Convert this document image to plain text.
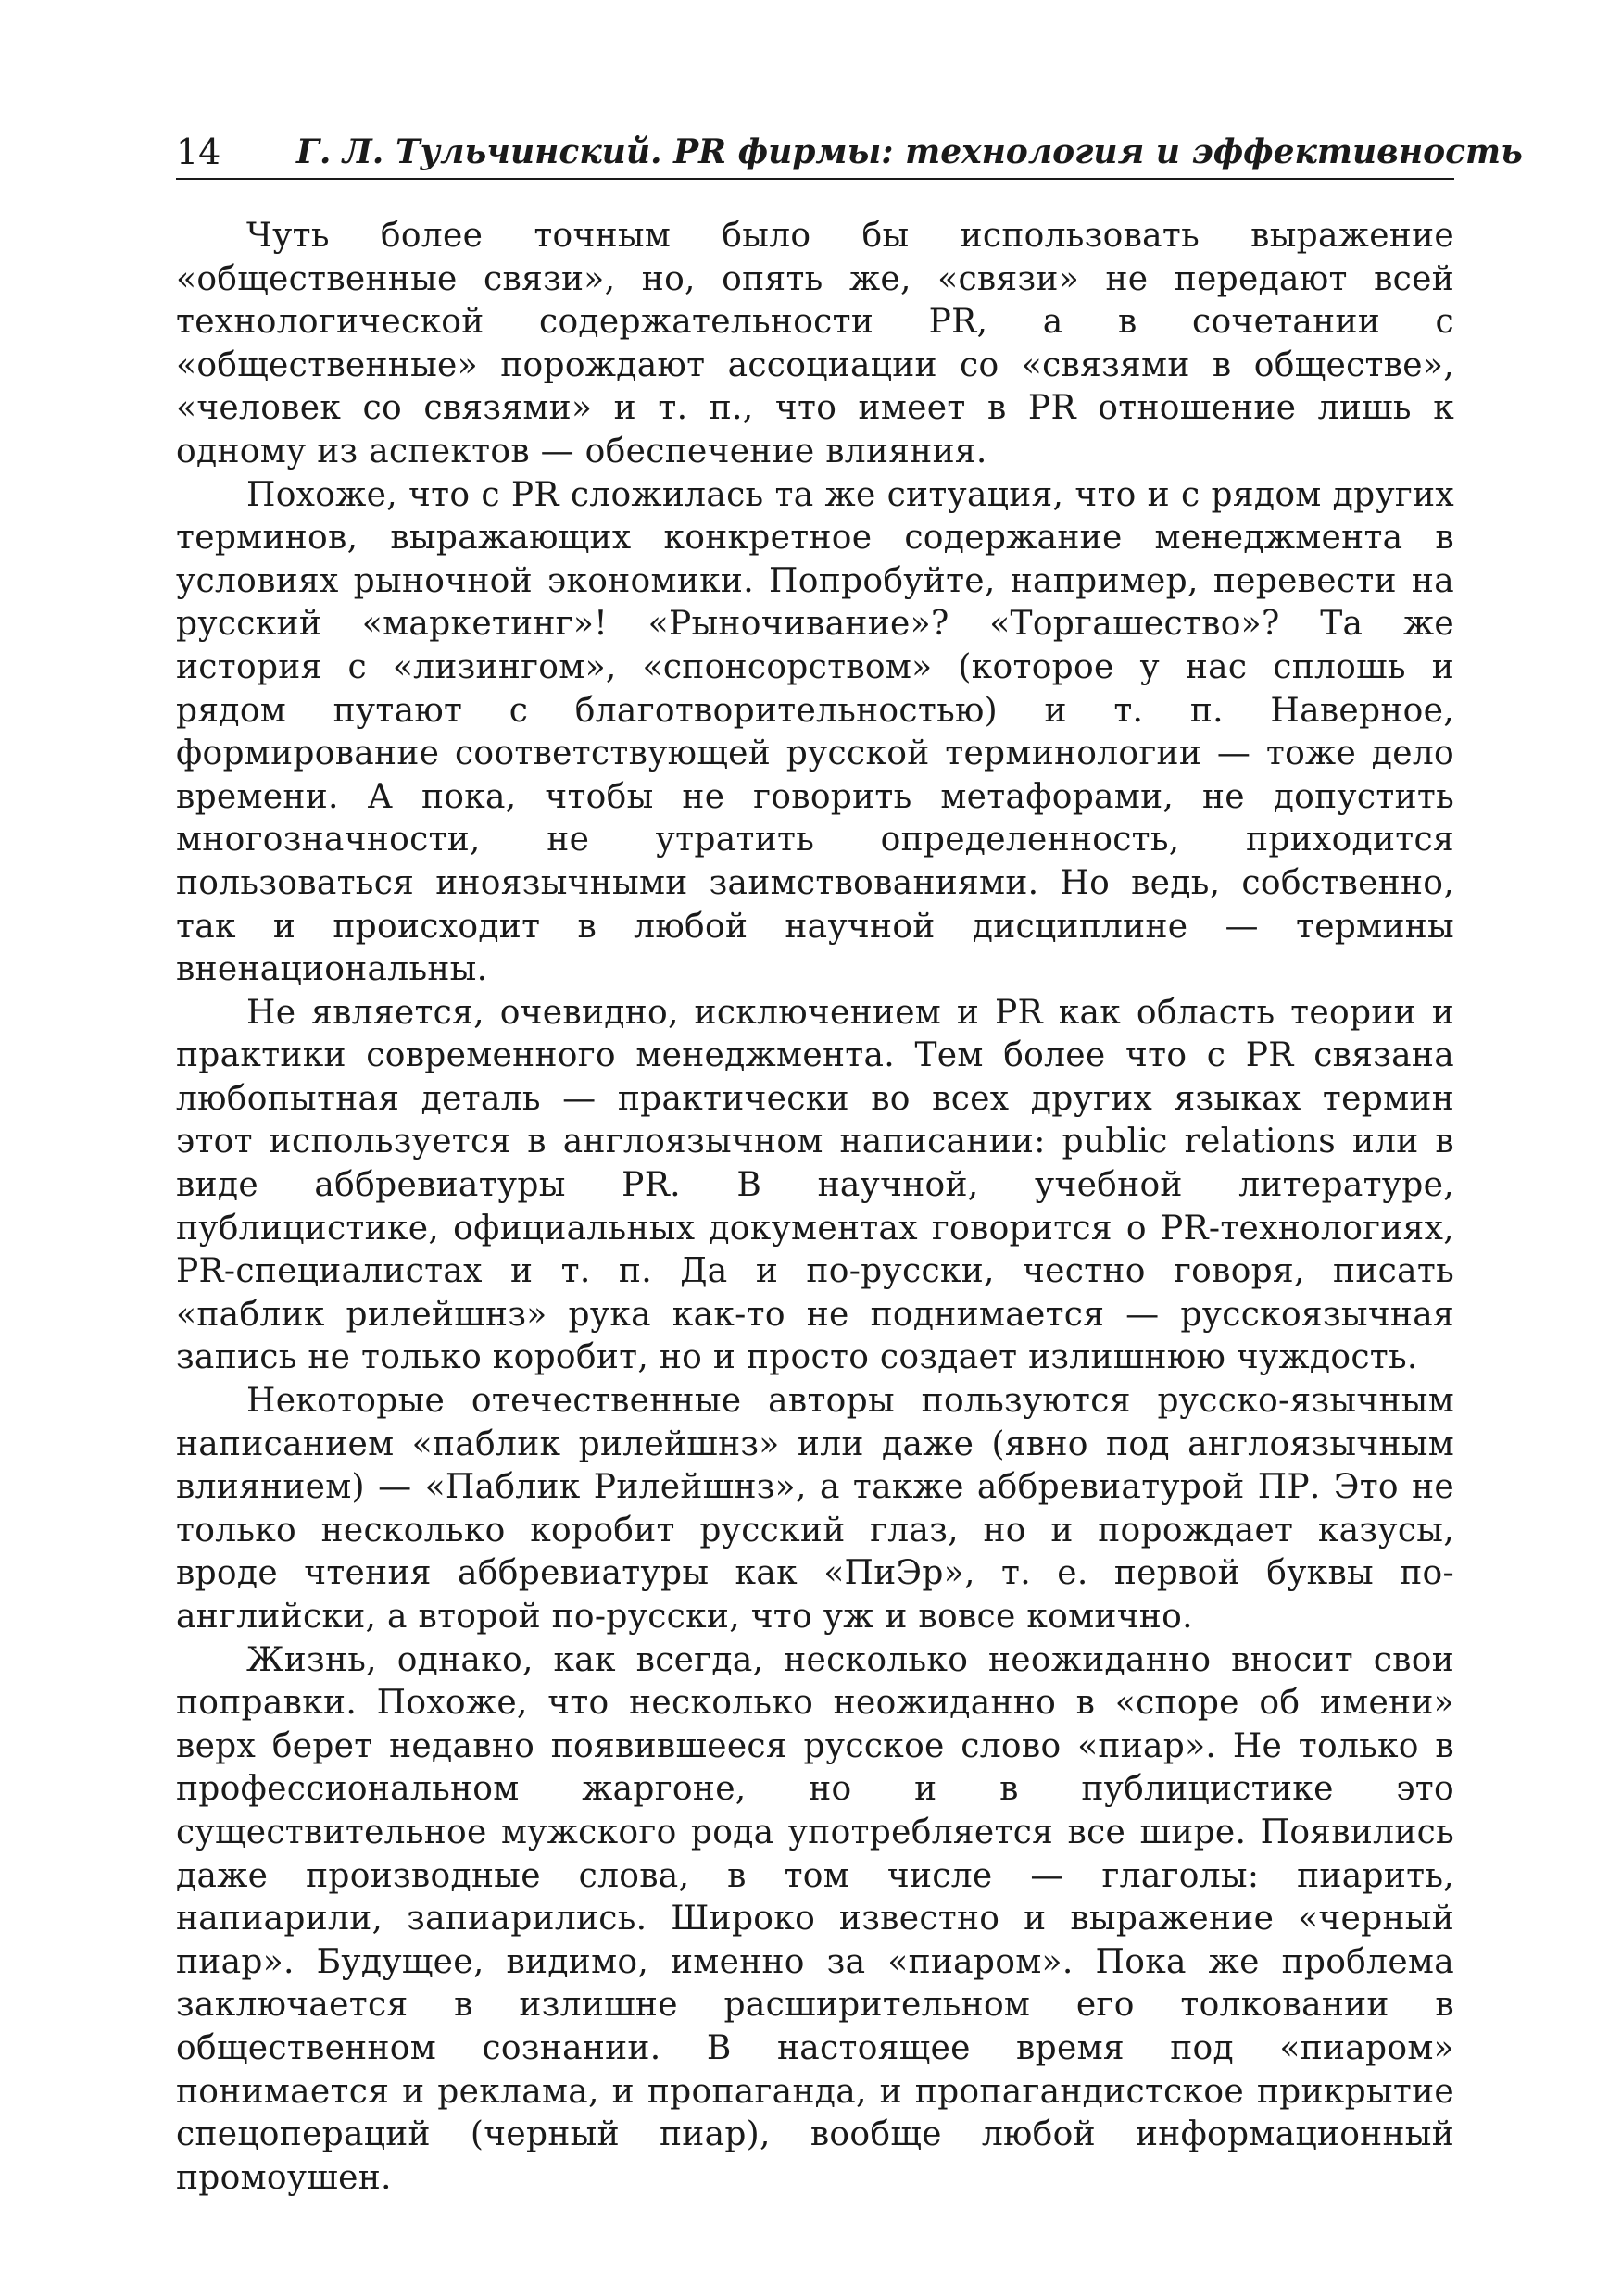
14 Г. Л. Тульчинский. PR фирмы: технология и эффективность

Чуть более точным было бы использовать выражение «общественные связи», но, опять же, «связи» не передают всей технологической содержательности PR, а в сочетании с «общественные» порождают ассоциации со «связями в обществе», «человек со связями» и т. п., что имеет в PR отношение лишь к одному из аспектов — обеспечение влияния.

Похоже, что с PR сложилась та же ситуация, что и с рядом других терминов, выражающих конкретное содержание менеджмента в условиях рыночной экономики. Попробуйте, например, перевести на русский «маркетинг»! «Рыночивание»? «Торгашество»? Та же история с «лизингом», «спонсорством» (которое у нас сплошь и рядом путают с благотворительностью) и т. п. Наверное, формирование соответствующей русской терминологии — тоже дело времени. А пока, чтобы не говорить метафорами, не допустить многозначности, не утратить определенность, приходится пользоваться иноязычными заимствованиями. Но ведь, собственно, так и происходит в любой научной дисциплине — термины вненациональны.

Не является, очевидно, исключением и PR как область теории и практики современного менеджмента. Тем более что с PR связана любопытная деталь — практически во всех других языках термин этот используется в англоязычном написании: public relations или в виде аббревиатуры PR. В научной, учебной литературе, публицистике, официальных документах говорится о PR-технологиях, PR-специалистах и т. п. Да и по-русски, честно говоря, писать «паблик рилейшнз» рука как-то не поднимается — русскоязычная запись не только коробит, но и просто создает излишнюю чуждость.

Некоторые отечественные авторы пользуются русско-язычным написанием «паблик рилейшнз» или даже (явно под англоязычным влиянием) — «Паблик Рилейшнз», а также аббревиатурой ПР. Это не только несколько коробит русский глаз, но и порождает казусы, вроде чтения аббревиатуры как «ПиЭр», т. е. первой буквы по-английски, а второй по-русски, что уж и вовсе комично.

Жизнь, однако, как всегда, несколько неожиданно вносит свои поправки. Похоже, что несколько неожиданно в «споре об имени» верх берет недавно появившееся русское слово «пиар». Не только в профессиональном жаргоне, но и в публицистике это существительное мужского рода употребляется все шире. Появились даже производные слова, в том числе — глаголы: пиарить, напиарили, запиарились. Широко известно и выражение «черный пиар». Будущее, видимо, именно за «пиаром». Пока же проблема заключается в излишне расширительном его толковании в общественном сознании. В настоящее время под «пиаром» понимается и реклама, и пропаганда, и пропагандистское прикрытие спецопераций (черный пиар), вообще любой информационный промоушен.
